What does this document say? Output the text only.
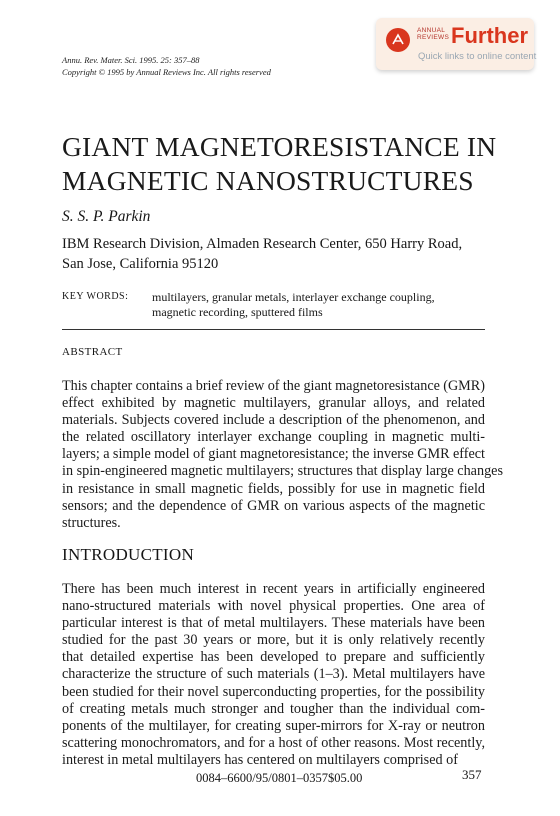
ANNUAL
REVIEWS Further
Quick links to online content
Annu. Rev. Mater. Sci. 1995. 25: 357–88
Copyright © 1995 by Annual Reviews Inc. All rights reserved
GIANT MAGNETORESISTANCE IN
MAGNETIC NANOSTRUCTURES
S. S. P. Parkin
IBM Research Division, Almaden Research Center, 650 Harry Road,
San Jose, California 95120
KEY WORDS: multilayers, granular metals, interlayer exchange coupling,
magnetic recording, sputtered films
ABSTRACT
This chapter contains a brief review of the giant magnetoresistance (GMR)
effect exhibited by magnetic multilayers, granular alloys, and related
materials. Subjects covered include a description of the phenomenon, and
the related oscillatory interlayer exchange coupling in magnetic multi-
layers; a simple model of giant magnetoresistance; the inverse GMR effect
in spin-engineered magnetic multilayers; structures that display large changes
in resistance in small magnetic fields, possibly for use in magnetic field
sensors; and the dependence of GMR on various aspects of the magnetic
structures.
INTRODUCTION
There has been much interest in recent years in artificially engineered
nano-structured materials with novel physical properties. One area of
particular interest is that of metal multilayers. These materials have been
studied for the past 30 years or more, but it is only relatively recently
that detailed expertise has been developed to prepare and sufficiently
characterize the structure of such materials (1–3). Metal multilayers have
been studied for their novel superconducting properties, for the possibility
of creating metals much stronger and tougher than the individual com-
ponents of the multilayer, for creating super-mirrors for X-ray or neutron
scattering monochromators, and for a host of other reasons. Most recently,
interest in metal multilayers has centered on multilayers comprised of
0084–6600/95/0801–0357$05.00	357
